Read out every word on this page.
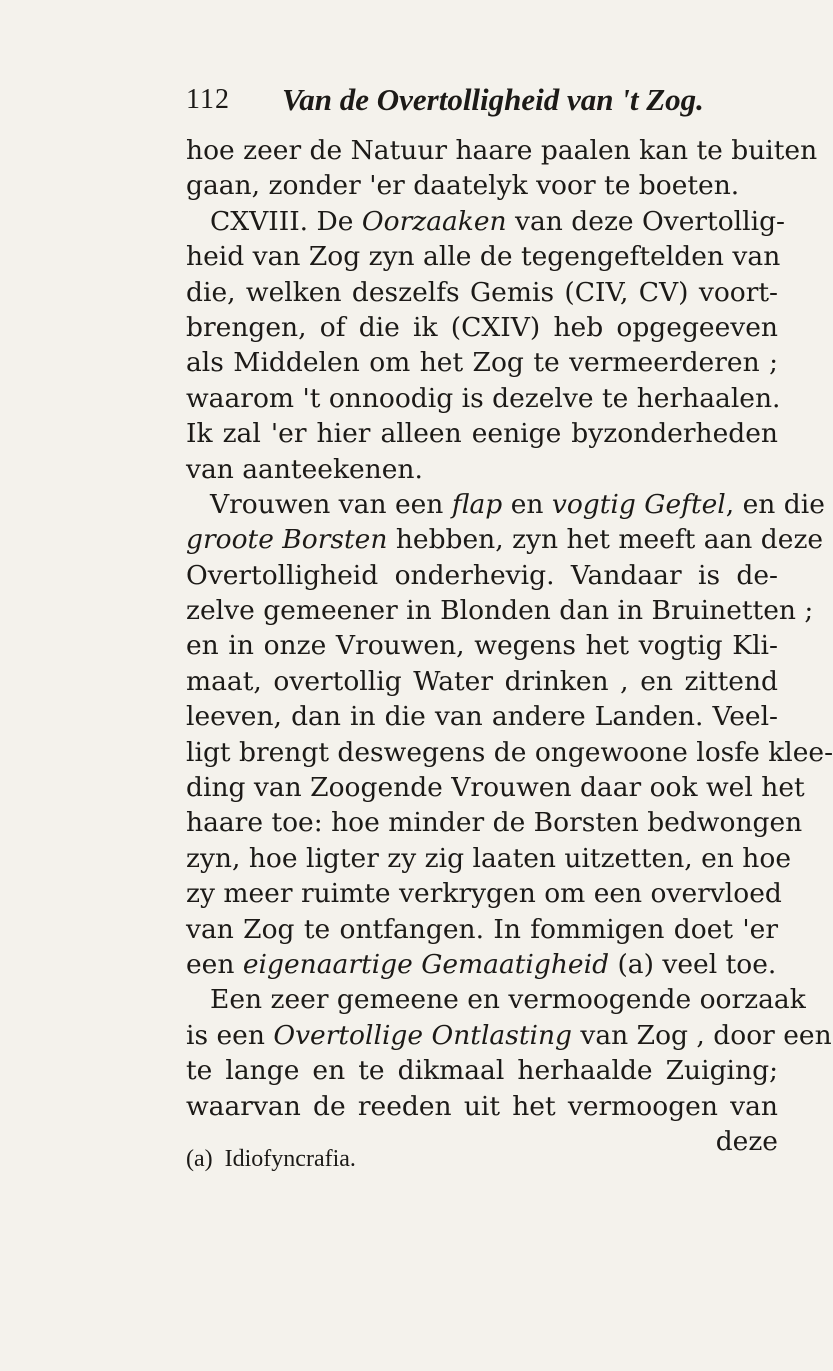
112 Van de Overtolligheid van 't Zog.
hoe zeer de Natuur haare paalen kan te buiten
gaan, zonder 'er daatelyk voor te boeten.
CXVIII. De Oorzaaken van deze Overtollig-
heid van Zog zyn alle de tegengeftelden van
die, welken deszelfs Gemis (CIV, CV) voort-
brengen, of die ik (CXIV) heb opgegeeven
als Middelen om het Zog te vermeerderen ;
waarom 't onnoodig is dezelve te herhaalen.
Ik zal 'er hier alleen eenige byzonderheden
van aanteekenen.
Vrouwen van een flap en vogtig Geftel, en die
groote Borsten hebben, zyn het meeft aan deze
Overtolligheid onderhevig. Vandaar is de-
zelve gemeener in Blonden dan in Bruinetten ;
en in onze Vrouwen, wegens het vogtig Kli-
maat, overtollig Water drinken , en zittend
leeven, dan in die van andere Landen. Veel-
ligt brengt deswegens de ongewoone losfe klee-
ding van Zoogende Vrouwen daar ook wel het
haare toe: hoe minder de Borsten bedwongen
zyn, hoe ligter zy zig laaten uitzetten, en hoe
zy meer ruimte verkrygen om een overvloed
van Zog te ontfangen. In fommigen doet 'er
een eigenaartige Gemaatigheid (a) veel toe.
Een zeer gemeene en vermoogende oorzaak
is een Overtollige Ontlasting van Zog , door een
te lange en te dikmaal herhaalde Zuiging;
waarvan de reeden uit het vermoogen van
deze
(a) Idiofyncrafia.
